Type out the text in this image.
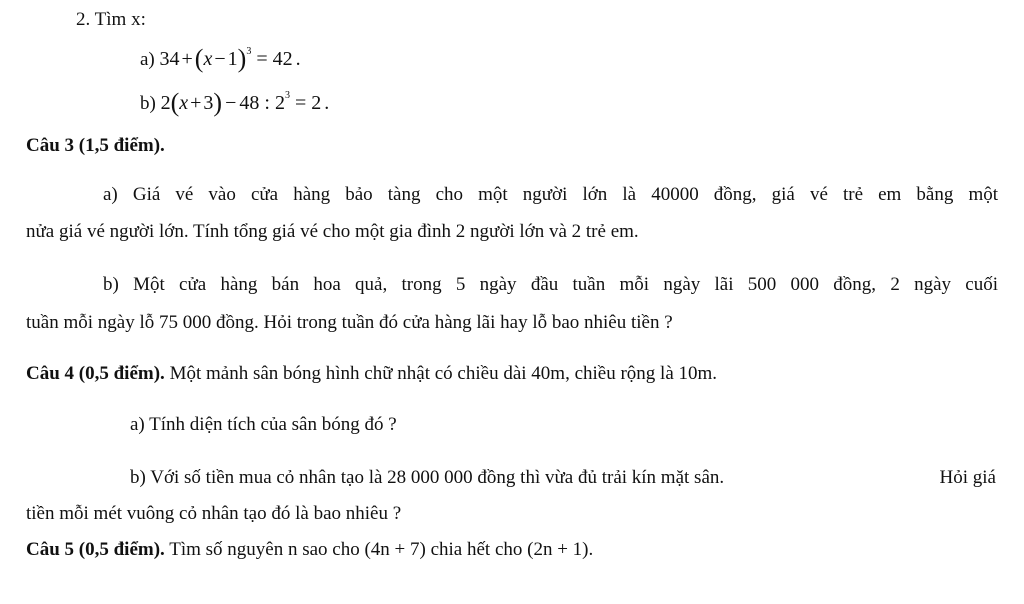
2. Tìm x:
a) $34 +(x - 1)^3 = 42$ .
b) 2(x + 3) − 48 : $2^3 = 2$ .
Câu 3 (1,5 điểm).
a) Giá vé vào cửa hàng bảo tàng cho một người lớn là 40000 đồng, giá vé trẻ em bằng một
nửa giá vé người lớn. Tính tổng giá vé cho một gia đình 2 người lớn và 2 trẻ em.
b) Một cửa hàng bán hoa quả, trong 5 ngày đầu tuần mỗi ngày lãi 500 000 đồng, 2 ngày cuối
tuần mỗi ngày lỗ 75 000 đồng. Hỏi trong tuần đó cửa hàng lãi hay lỗ bao nhiêu tiền ?
Câu 4 (0,5 điểm). Một mảnh sân bóng hình chữ nhật có chiều dài 40m, chiều rộng là 10m.
a) Tính diện tích của sân bóng đó ?
b) Với số tiền mua cỏ nhân tạo là 28 000 000 đồng thì vừa đủ trải kín mặt sân.	Hỏi giá
tiền mỗi mét vuông cỏ nhân tạo đó là bao nhiêu ?
Câu 5 (0,5 điểm). Tìm số nguyên n sao cho (4n + 7) chia hết cho (2n + 1).
